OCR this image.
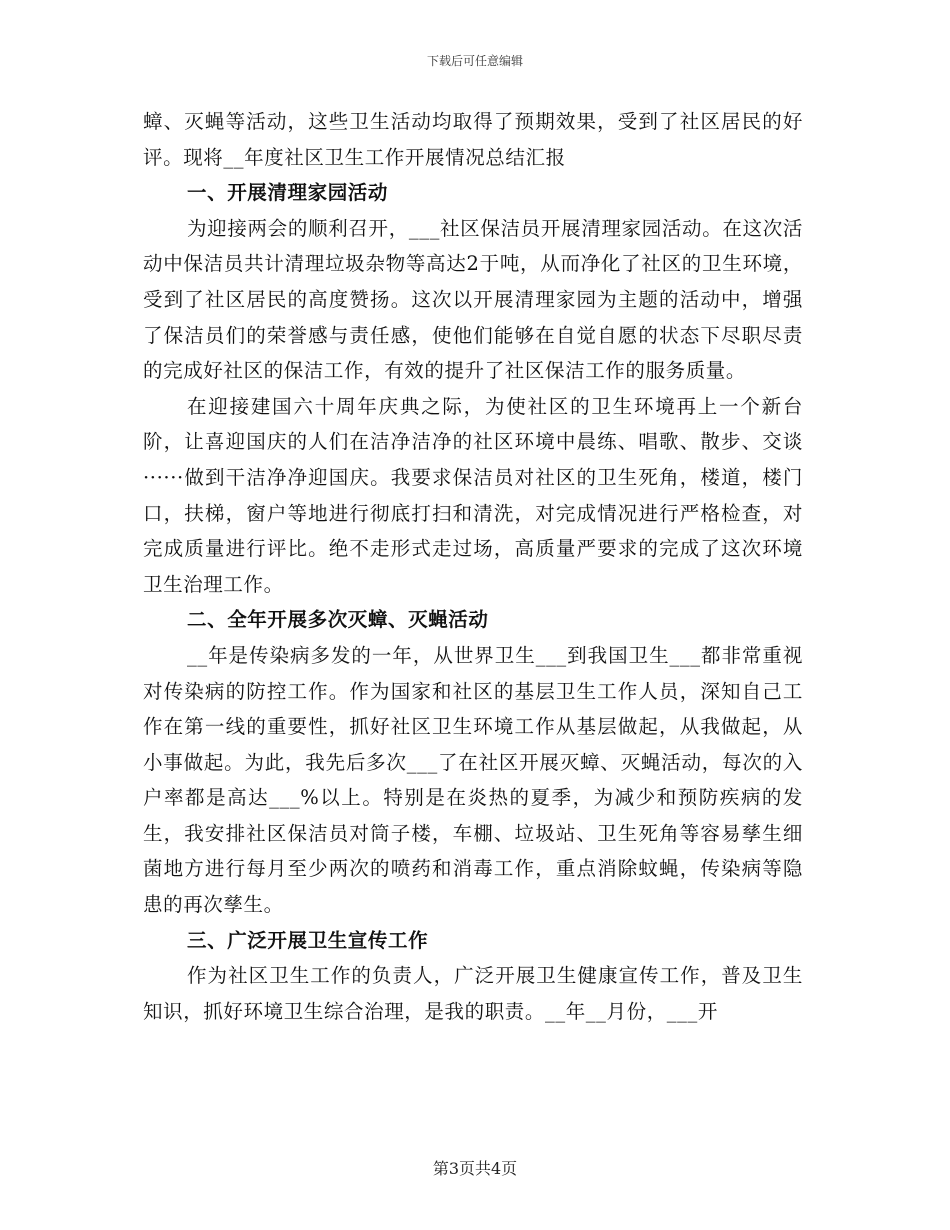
下载后可任意编辑

蟑、灭蝇等活动，这些卫生活动均取得了预期效果，受到了社区居民的好评。现将__年度社区卫生工作开展情况总结汇报

一、开展清理家园活动

为迎接两会的顺利召开，___社区保洁员开展清理家园活动。在这次活动中保洁员共计清理垃圾杂物等高达2于吨，从而净化了社区的卫生环境，受到了社区居民的高度赞扬。这次以开展清理家园为主题的活动中，增强了保洁员们的荣誉感与责任感，使他们能够在自觉自愿的状态下尽职尽责的完成好社区的保洁工作，有效的提升了社区保洁工作的服务质量。

在迎接建国六十周年庆典之际，为使社区的卫生环境再上一个新台阶，让喜迎国庆的人们在洁净洁净的社区环境中晨练、唱歌、散步、交谈······做到干洁净净迎国庆。我要求保洁员对社区的卫生死角，楼道，楼门口，扶梯，窗户等地进行彻底打扫和清洗，对完成情况进行严格检查，对完成质量进行评比。绝不走形式走过场，高质量严要求的完成了这次环境卫生治理工作。

二、全年开展多次灭蟑、灭蝇活动

__年是传染病多发的一年，从世界卫生___到我国卫生___都非常重视对传染病的防控工作。作为国家和社区的基层卫生工作人员，深知自己工作在第一线的重要性，抓好社区卫生环境工作从基层做起，从我做起，从小事做起。为此，我先后多次___了在社区开展灭蟑、灭蝇活动，每次的入户率都是高达___%以上。特别是在炎热的夏季，为减少和预防疾病的发生，我安排社区保洁员对筒子楼，车棚、垃圾站、卫生死角等容易孳生细菌地方进行每月至少两次的喷药和消毒工作，重点消除蚊蝇，传染病等隐患的再次孳生。

三、广泛开展卫生宣传工作

作为社区卫生工作的负责人，广泛开展卫生健康宣传工作，普及卫生知识，抓好环境卫生综合治理，是我的职责。__年__月份，___开

第3页共4页
